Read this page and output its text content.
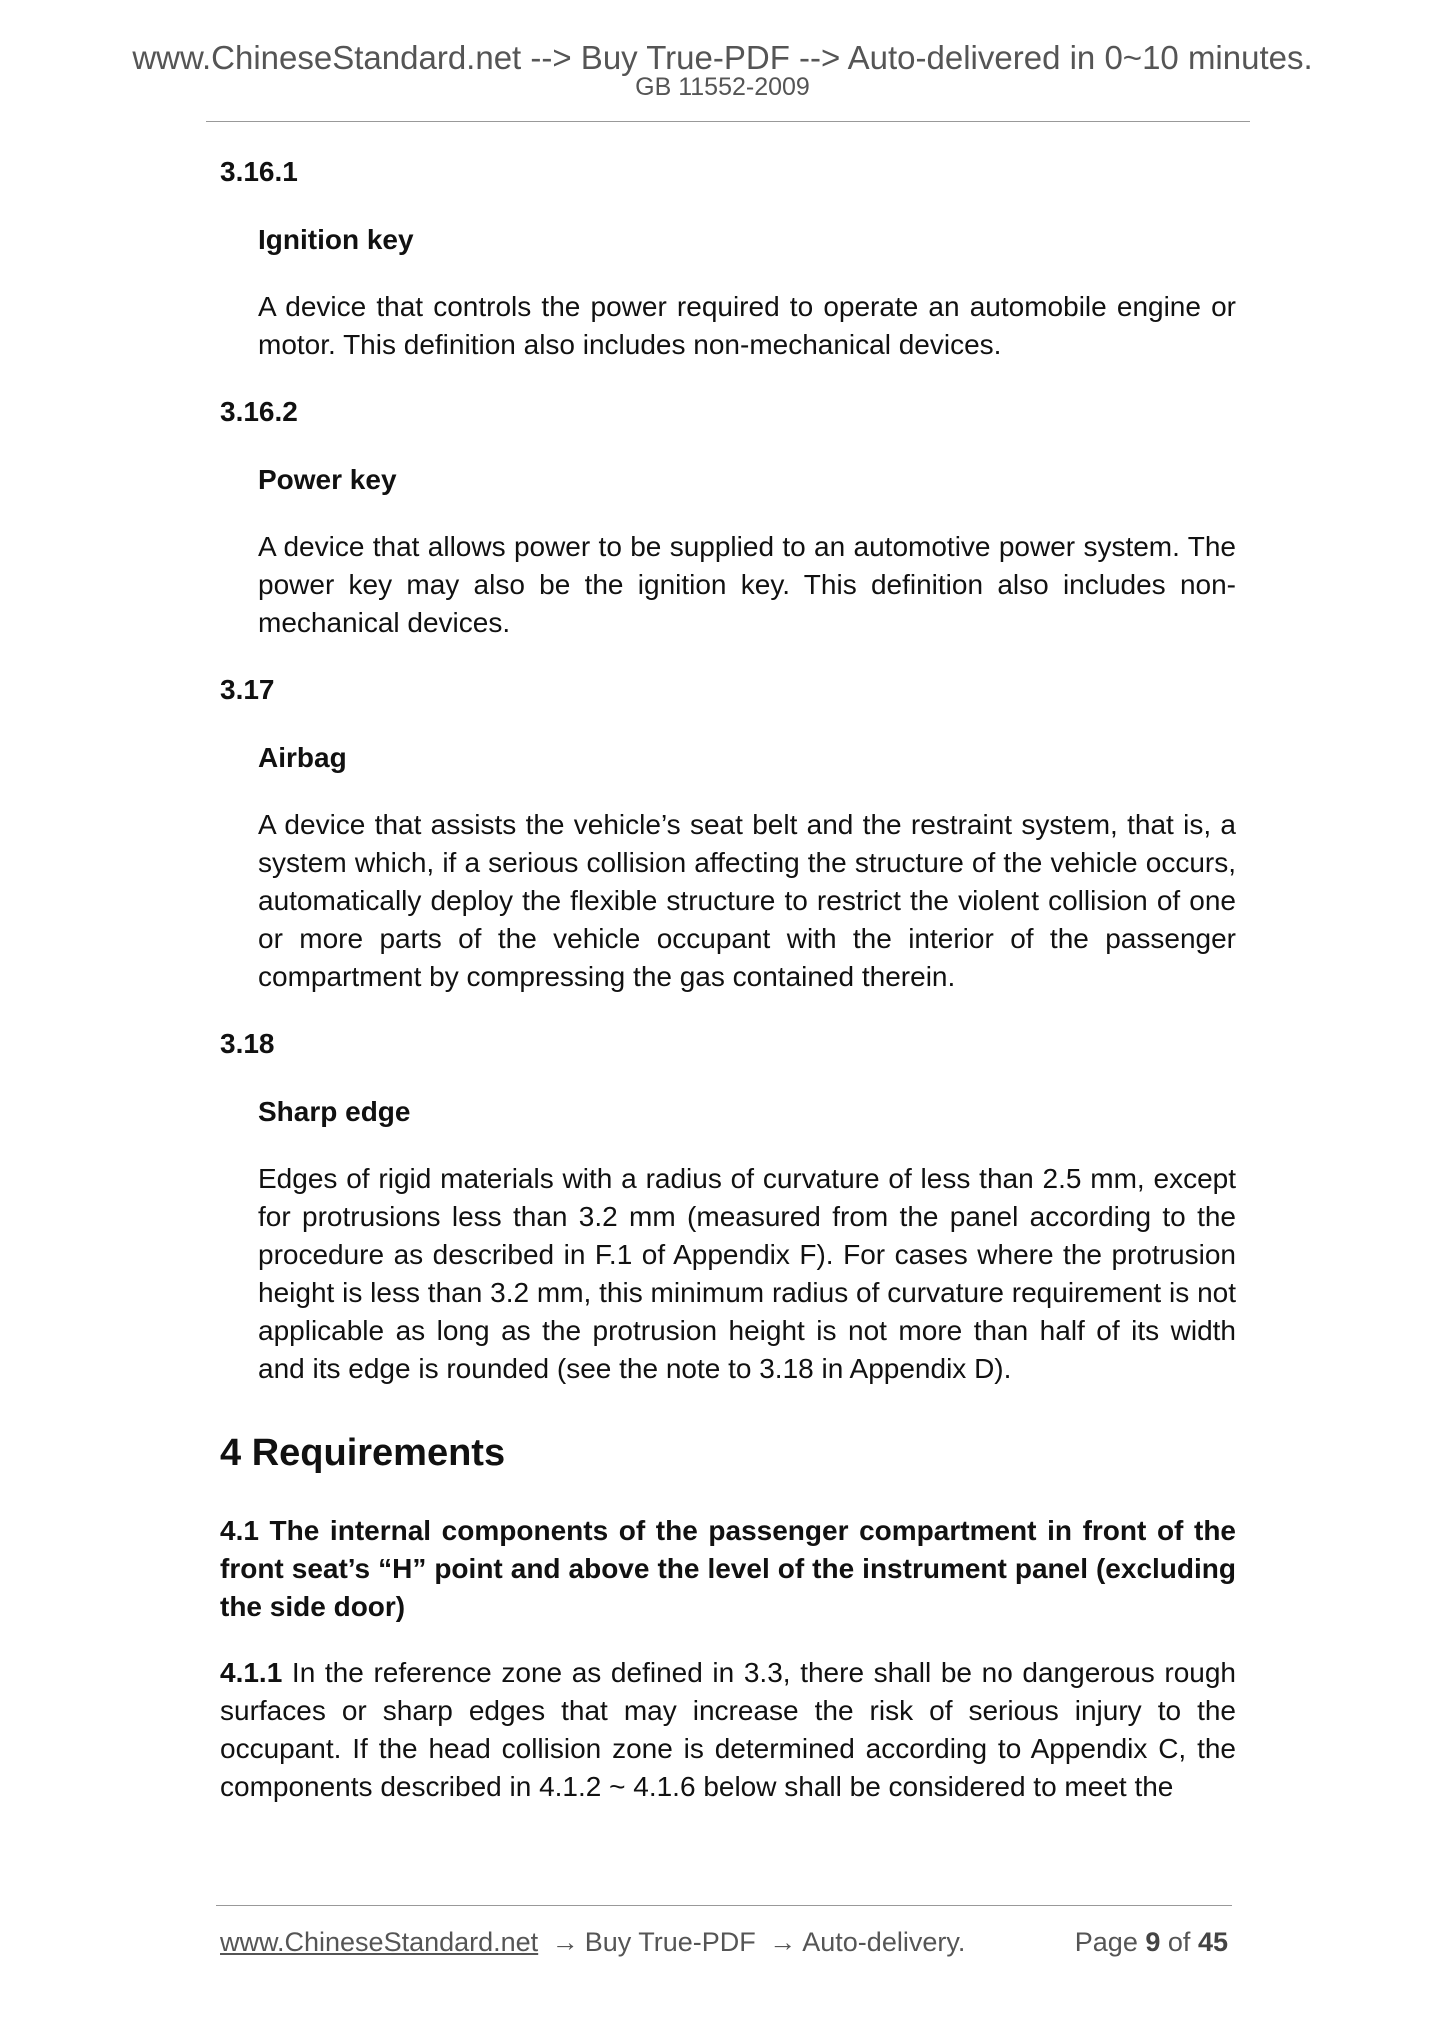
www.ChineseStandard.net --> Buy True-PDF --> Auto-delivered in 0~10 minutes.
GB 11552-2009
3.16.1
Ignition key
A device that controls the power required to operate an automobile engine or motor. This definition also includes non-mechanical devices.
3.16.2
Power key
A device that allows power to be supplied to an automotive power system. The power key may also be the ignition key. This definition also includes non-mechanical devices.
3.17
Airbag
A device that assists the vehicle’s seat belt and the restraint system, that is, a system which, if a serious collision affecting the structure of the vehicle occurs, automatically deploy the flexible structure to restrict the violent collision of one or more parts of the vehicle occupant with the interior of the passenger compartment by compressing the gas contained therein.
3.18
Sharp edge
Edges of rigid materials with a radius of curvature of less than 2.5 mm, except for protrusions less than 3.2 mm (measured from the panel according to the procedure as described in F.1 of Appendix F). For cases where the protrusion height is less than 3.2 mm, this minimum radius of curvature requirement is not applicable as long as the protrusion height is not more than half of its width and its edge is rounded (see the note to 3.18 in Appendix D).
4 Requirements
4.1 The internal components of the passenger compartment in front of the front seat’s “H” point and above the level of the instrument panel (excluding the side door)

4.1.1 In the reference zone as defined in 3.3, there shall be no dangerous rough surfaces or sharp edges that may increase the risk of serious injury to the occupant. If the head collision zone is determined according to Appendix C, the components described in 4.1.2 ~ 4.1.6 below shall be considered to meet the

www.ChineseStandard.net → Buy True-PDF → Auto-delivery.	Page 9 of 45
